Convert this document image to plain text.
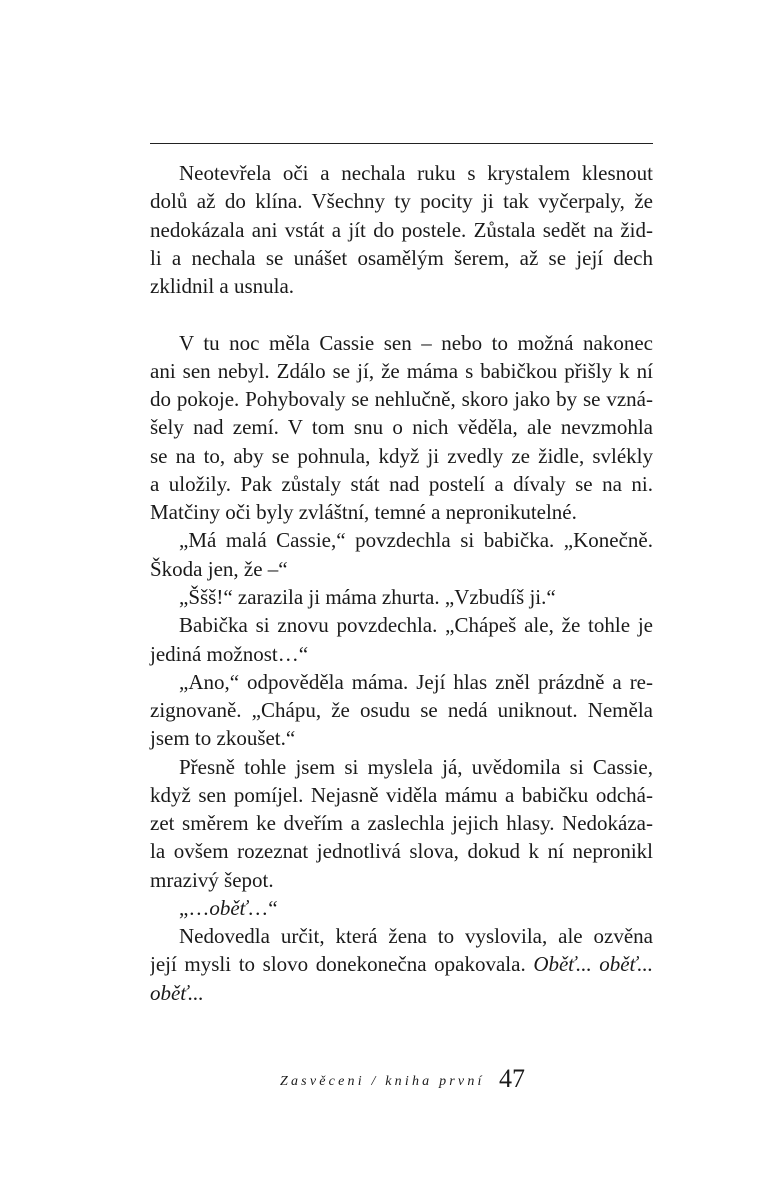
Neotevřela oči a nechala ruku s krystalem klesnout
dolů až do klína. Všechny ty pocity ji tak vyčerpaly, že
nedokázala ani vstát a jít do postele. Zůstala sedět na žid-
li a nechala se unášet osamělým šerem, až se její dech
zklidnil a usnula.
V tu noc měla Cassie sen – nebo to možná nakonec
ani sen nebyl. Zdálo se jí, že máma s babičkou přišly k ní
do pokoje. Pohybovaly se nehlučně, skoro jako by se vzná-
šely nad zemí. V tom snu o nich věděla, ale nevzmohla
se na to, aby se pohnula, když ji zvedly ze židle, svlékly
a uložily. Pak zůstaly stát nad postelí a dívaly se na ni.
Matčiny oči byly zvláštní, temné a nepronikutelné.
„Má malá Cassie,“ povzdechla si babička. „Konečně.
Škoda jen, že –“
„Ššš!“ zarazila ji máma zhurta. „Vzbudíš ji.“
Babička si znovu povzdechla. „Chápeš ale, že tohle je
jediná možnost…“
„Ano,“ odpověděla máma. Její hlas zněl prázdně a re-
zignovaně. „Chápu, že osudu se nedá uniknout. Neměla
jsem to zkoušet.“
Přesně tohle jsem si myslela já, uvědomila si Cassie,
když sen pomíjel. Nejasně viděla mámu a babičku odchá-
zet směrem ke dveřím a zaslechla jejich hlasy. Nedokáza-
la ovšem rozeznat jednotlivá slova, dokud k ní nepronikl
mrazivý šepot.
„…oběť…“
Nedovedla určit, která žena to vyslovila, ale ozvěna
její mysli to slovo donekonečna opakovala. Oběť... oběť...
oběť...
Zasvěceni / kniha první 47
